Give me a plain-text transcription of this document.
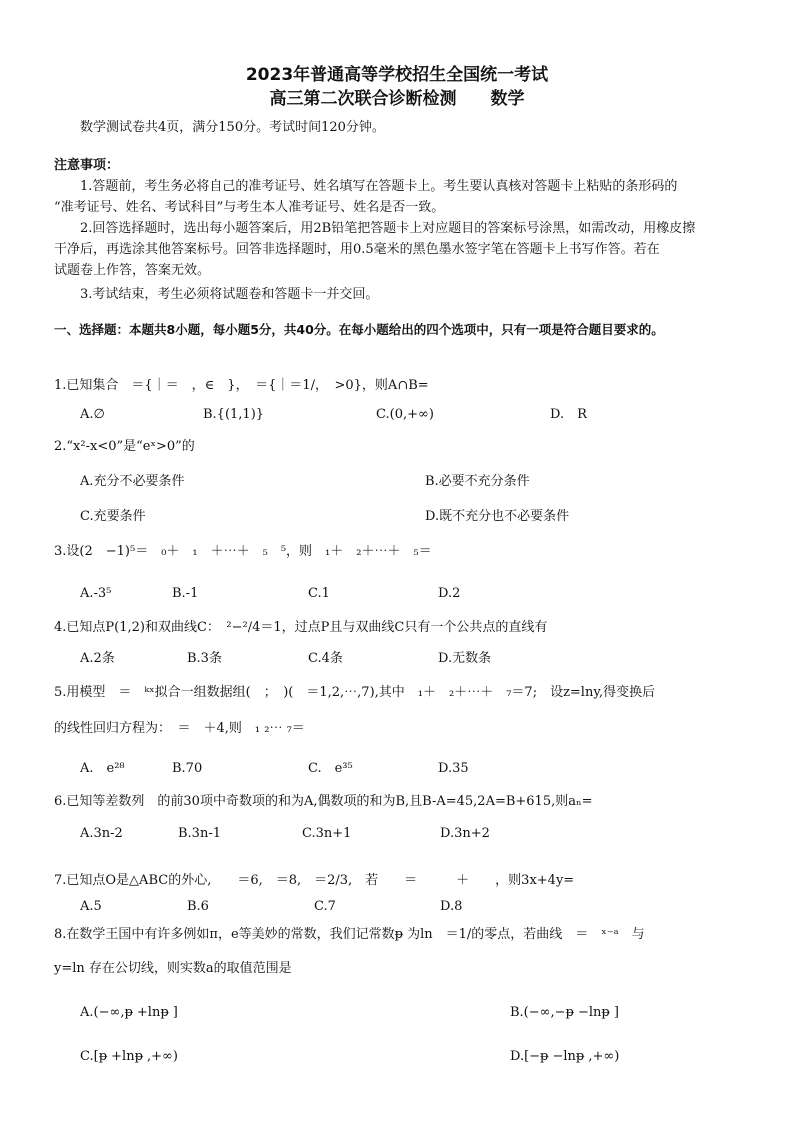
2023年普通高等学校招生全国统一考试
高三第二次联合诊断检测　　数学
数学测试卷共4页，满分150分。考试时间120分钟。
注意事项：
1.答题前，考生务必将自己的准考证号、姓名填写在答题卡上。考生要认真核对答题卡上粘贴的条形码的
“准考证号、姓名、考试科目”与考生本人准考证号、姓名是否一致。
2.回答选择题时，选出每小题答案后，用2B铅笔把答题卡上对应题目的答案标号涂黑，如需改动，用橡皮擦
干净后，再选涂其他答案标号。回答非选择题时，用0.5毫米的黑色墨水签字笔在答题卡上书写作答。若在
试题卷上作答，答案无效。
3.考试结束，考生必须将试题卷和答题卡一并交回。
一、选择题：本题共8小题，每小题5分，共40分。在每小题给出的四个选项中，只有一项是符合题目要求的。
1.已知集合　＝{｜＝　，∈　}，　＝{｜＝1/，　>0}，则A∩B=
A.∅	B.{(1,1)}	C.(0,+∞)	D.　R
2.“x²-x<0”是“eˣ>0”的
A.充分不必要条件	B.必要不充分条件
C.充要条件	D.既不充分也不必要条件
3.设(2　−1)⁵＝　₀＋　₁　＋⋯＋　₅　⁵，则　₁＋　₂＋⋯＋　₅＝
A.-3⁵	B.-1	C.1	D.2
4.已知点P(1,2)和双曲线C：　²−²/4＝1，过点P且与双曲线C只有一个公共点的直线有
A.2条	B.3条	C.4条	D.无数条
5.用模型　＝　ᵏˣ拟合一组数据组(　；　)(　＝1,2,⋯,7),其中　₁＋　₂＋⋯＋　₇＝7;　设z=lny,得变换后
的线性回归方程为：　＝　＋4,则　₁ ₂⋯ ₇＝
A.　e²⁸	B.70	C.　e³⁵	D.35
6.已知等差数列　的前30项中奇数项的和为A,偶数项的和为B,且B-A=45,2A=B+615,则aₙ=
A.3n-2	B.3n-1	C.3n+1	D.3n+2
7.已知点O是△ABC的外心,　　＝6,　＝8,　＝2/3,　若　　＝　　　＋　　，则3x+4y=
A.5	B.6	C.7	D.8
8.在数学王国中有许多例如π，e等美妙的常数，我们记常数ᵽ 为ln　＝1/的零点，若曲线　＝　ˣ⁻ᵃ　与
y=ln 存在公切线，则实数a的取值范围是
A.(−∞,ᵽ +lnᵽ ]	B.(−∞,−ᵽ −lnᵽ ]
C.[ᵽ +lnᵽ ,+∞)	D.[−ᵽ −lnᵽ ,+∞)
